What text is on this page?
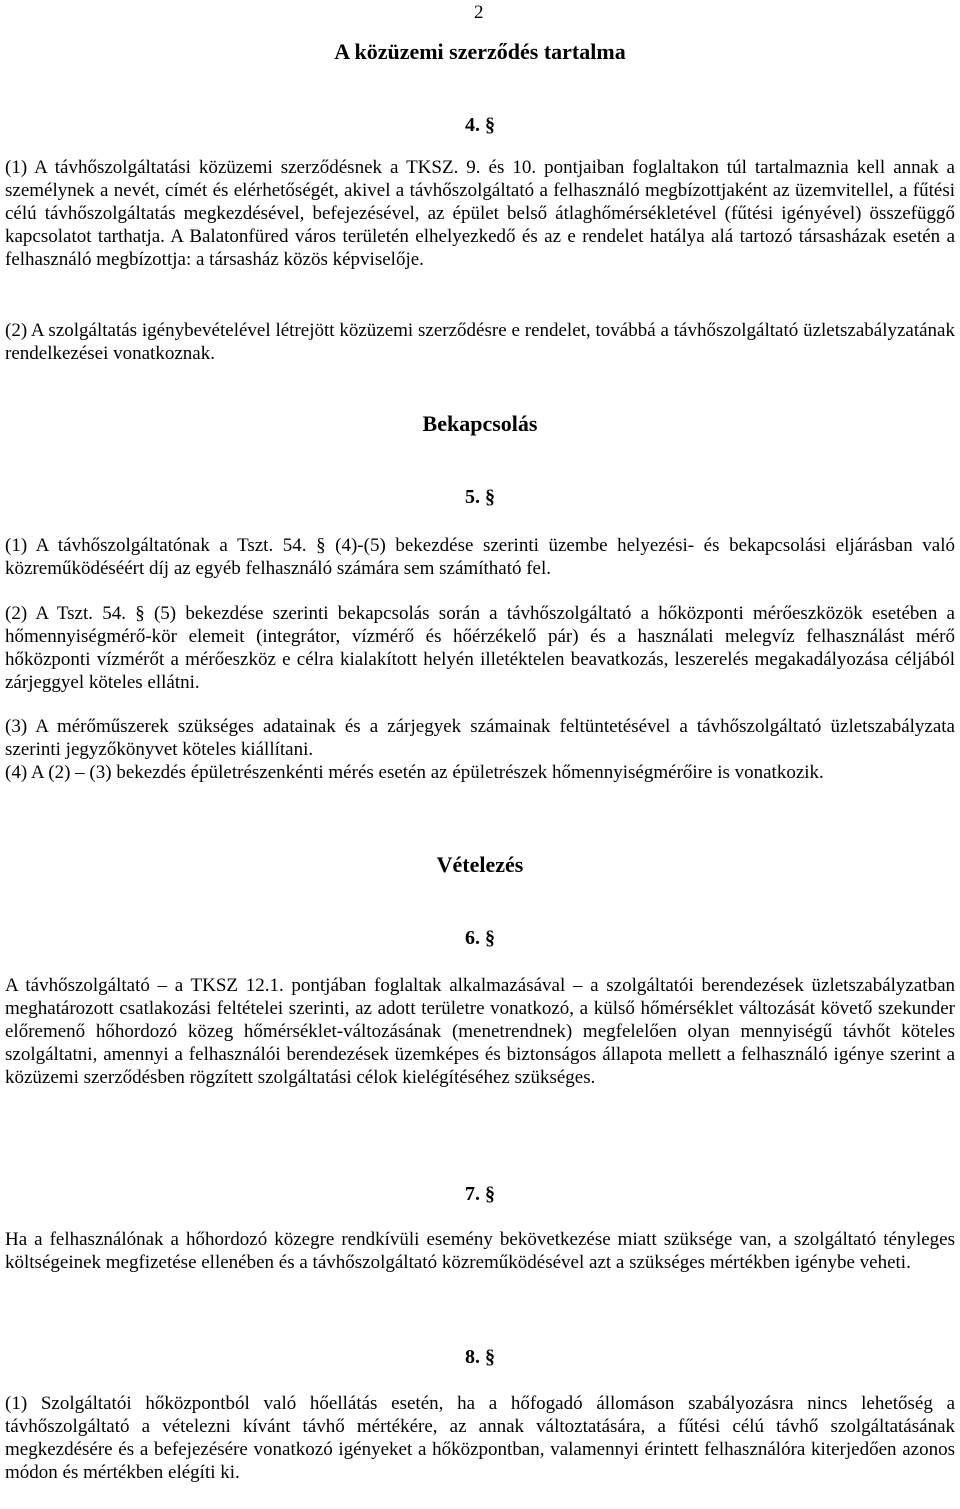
2
A közüzemi szerződés tartalma
4. §

(1) A távhőszolgáltatási közüzemi szerződésnek a TKSZ. 9. és 10. pontjaiban foglaltakon túl tartalmaznia kell annak a személynek a nevét, címét és elérhetőségét, akivel a távhőszolgáltató a felhasználó megbízottjaként az üzemvitellel, a fűtési célú távhőszolgáltatás megkezdésével, befejezésével, az épület belső átlaghőmérsékletével (fűtési igényével) összefüggő kapcsolatot tarthatja. A Balatonfüred város területén elhelyezkedő és az e rendelet hatálya alá tartozó társasházak esetén a felhasználó megbízottja: a társasház közös képviselője.

(2) A szolgáltatás igénybevételével létrejött közüzemi szerződésre e rendelet, továbbá a távhőszolgáltató üzletszabályzatának rendelkezései vonatkoznak.

Bekapcsolás
5. §

(1) A távhőszolgáltatónak a Tszt. 54. § (4)-(5) bekezdése szerinti üzembe helyezési- és bekapcsolási eljárásban való közreműködéséért díj az egyéb felhasználó számára sem számítható fel.

(2) A Tszt. 54. § (5) bekezdése szerinti bekapcsolás során a távhőszolgáltató a hőközponti mérőeszközök esetében a hőmennyiségmérő-kör elemeit (integrátor, vízmérő és hőérzékelő pár) és a használati melegvíz felhasználást mérő hőközponti vízmérőt a mérőeszköz e célra kialakított helyén illetéktelen beavatkozás, leszerelés megakadályozása céljából zárjeggyel köteles ellátni.

(3) A mérőműszerek szükséges adatainak és a zárjegyek számainak feltüntetésével a távhőszolgáltató üzletszabályzata szerinti jegyzőkönyvet köteles kiállítani.

(4) A (2) – (3) bekezdés épületrészenkénti mérés esetén az épületrészek hőmennyiségmérőire is vonatkozik.

Vételezés
6. §

A távhőszolgáltató – a TKSZ 12.1. pontjában foglaltak alkalmazásával – a szolgáltatói berendezések üzletszabályzatban meghatározott csatlakozási feltételei szerinti, az adott területre vonatkozó, a külső hőmérséklet változását követő szekunder előremenő hőhordozó közeg hőmérséklet-változásának (menetrendnek) megfelelően olyan mennyiségű távhőt köteles szolgáltatni, amennyi a felhasználói berendezések üzemképes és biztonságos állapota mellett a felhasználó igénye szerint a közüzemi szerződésben rögzített szolgáltatási célok kielégítéséhez szükséges.

7. §

Ha a felhasználónak a hőhordozó közegre rendkívüli esemény bekövetkezése miatt szüksége van, a szolgáltató tényleges költségeinek megfizetése ellenében és a távhőszolgáltató közreműködésével azt a szükséges mértékben igénybe veheti.

8. §

(1) Szolgáltatói hőközpontból való hőellátás esetén, ha a hőfogadó állomáson szabályozásra nincs lehetőség a távhőszolgáltató a vételezni kívánt távhő mértékére, az annak változtatására, a fűtési célú távhő szolgáltatásának megkezdésére és a befejezésére vonatkozó igényeket a hőközpontban, valamennyi érintett felhasználóra kiterjedően azonos módon és mértékben elégíti ki.
